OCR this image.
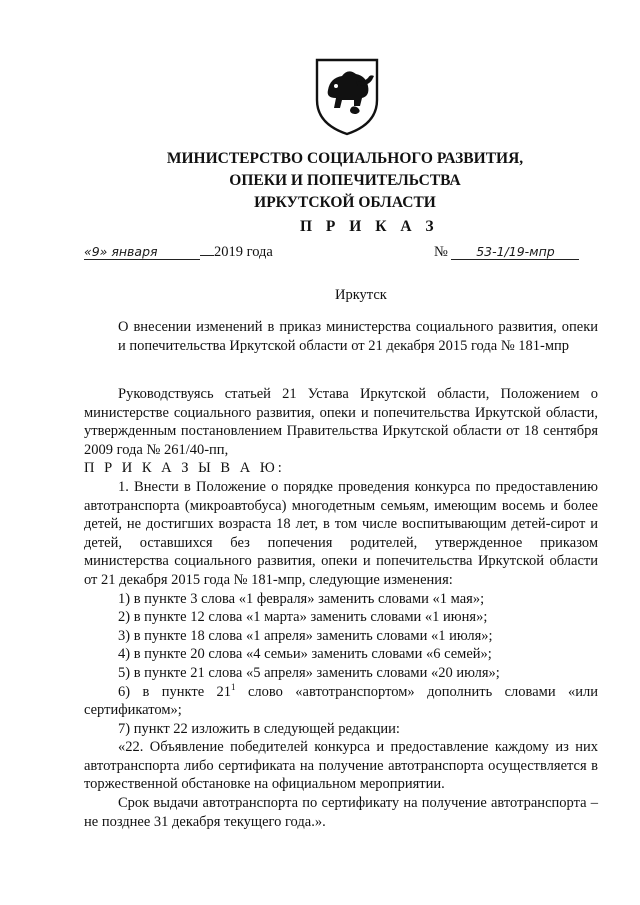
МИНИСТЕРСТВО СОЦИАЛЬНОГО РАЗВИТИЯ,
ОПЕКИ И ПОПЕЧИТЕЛЬСТВА
ИРКУТСКОЙ ОБЛАСТИ
П Р И К А З
«9» января	2019 года	№ 53-1/19-мпр
Иркутск
О внесении изменений в приказ министерства социального развития, опеки и попечительства Иркутской области от 21 декабря 2015 года № 181-мпр
Руководствуясь статьей 21 Устава Иркутской области, Положением о министерстве социального развития, опеки и попечительства Иркутской области, утвержденным постановлением Правительства Иркутской области от 18 сентября 2009 года № 261/40-пп,
П Р И К А З Ы В А Ю:
1. Внести в Положение о порядке проведения конкурса по предоставлению автотранспорта (микроавтобуса) многодетным семьям, имеющим восемь и более детей, не достигших возраста 18 лет, в том числе воспитывающим детей-сирот и детей, оставшихся без попечения родителей, утвержденное приказом министерства социального развития, опеки и попечительства Иркутской области от 21 декабря 2015 года № 181-мпр, следующие изменения:
1) в пункте 3 слова «1 февраля» заменить словами «1 мая»;
2) в пункте 12 слова «1 марта» заменить словами «1 июня»;
3) в пункте 18 слова «1 апреля» заменить словами «1 июля»;
4) в пункте 20 слова «4 семьи» заменить словами «6 семей»;
5) в пункте 21 слова «5 апреля» заменить словами «20 июля»;
6) в пункте $21^1$ слово «автотранспортом» дополнить словами «или сертификатом»;
7) пункт 22 изложить в следующей редакции:
«22. Объявление победителей конкурса и предоставление каждому из них автотранспорта либо сертификата на получение автотранспорта осуществляется в торжественной обстановке на официальном мероприятии.
Срок выдачи автотранспорта по сертификату на получение автотранспорта – не позднее 31 декабря текущего года.».
